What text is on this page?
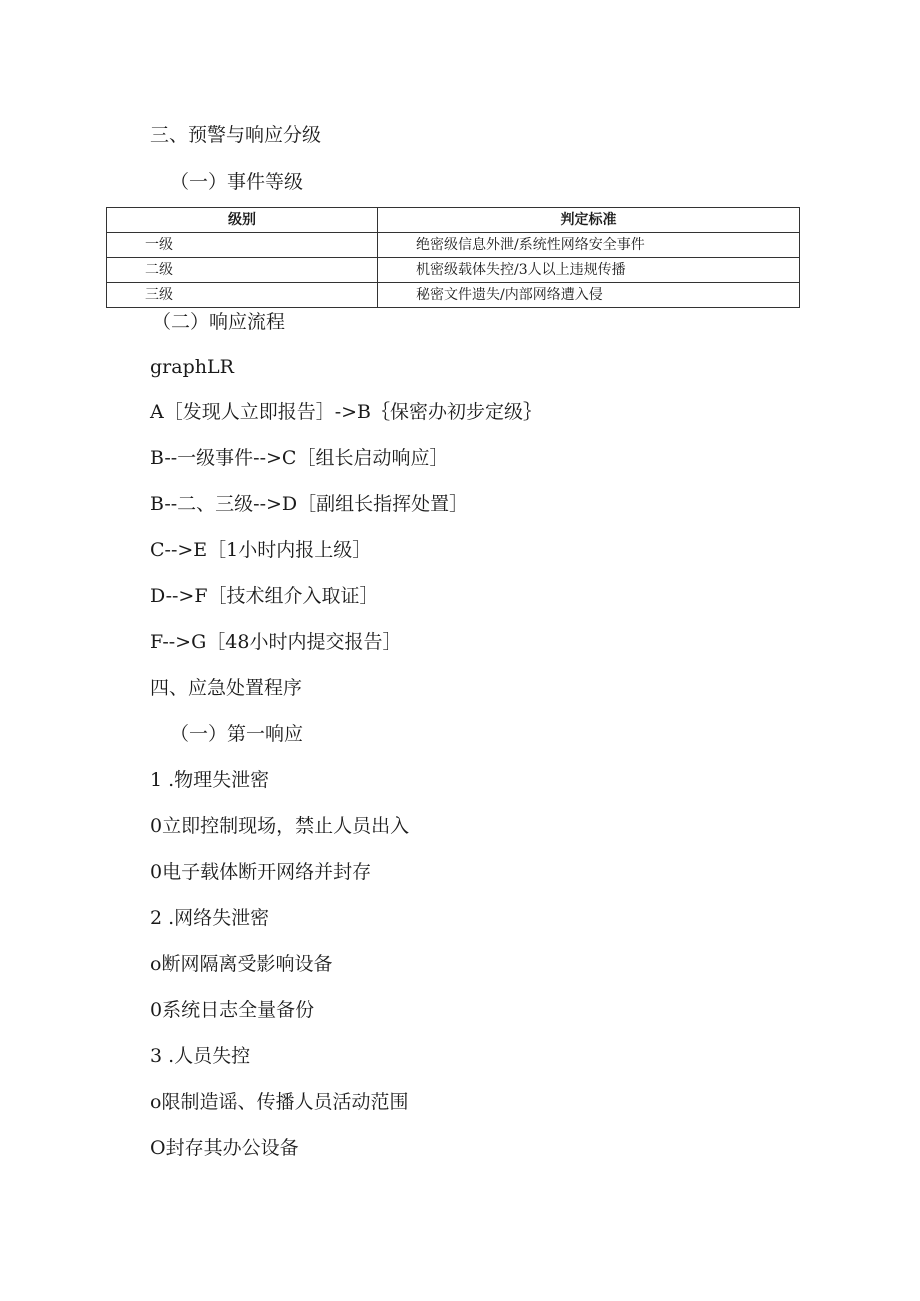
三、预警与响应分级
（一）事件等级
级别	判定标准
一级	绝密级信息外泄/系统性网络安全事件
二级	机密级载体失控/3人以上违规传播
三级	秘密文件遗失/内部网络遭入侵
（二）响应流程
graphLR
A［发现人立即报告］->B｛保密办初步定级｝
B--一级事件-->C［组长启动响应］
B--二、三级-->D［副组长指挥处置］
C-->E［1小时内报上级］
D-->F［技术组介入取证］
F-->G［48小时内提交报告］
四、应急处置程序
（一）第一响应
1 .物理失泄密
0立即控制现场，禁止人员出入
0电子载体断开网络并封存
2 .网络失泄密
o断网隔离受影响设备
0系统日志全量备份
3 .人员失控
o限制造谣、传播人员活动范围
O封存其办公设备
